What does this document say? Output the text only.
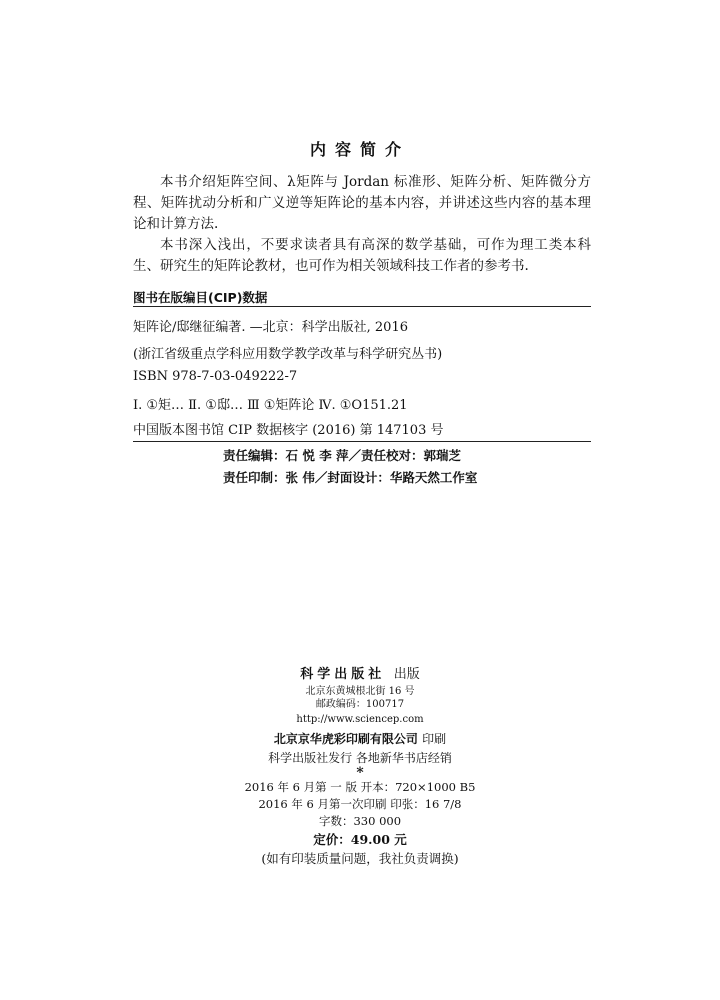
内容简介

本书介绍矩阵空间、λ矩阵与 Jordan 标准形、矩阵分析、矩阵微分方程、矩阵扰动分析和广义逆等矩阵论的基本内容，并讲述这些内容的基本理论和计算方法.

本书深入浅出，不要求读者具有高深的数学基础，可作为理工类本科生、研究生的矩阵论教材，也可作为相关领域科技工作者的参考书.

图书在版编目(CIP)数据
矩阵论/邸继征编著. —北京：科学出版社, 2016
(浙江省级重点学科应用数学教学改革与科学研究丛书)
ISBN 978-7-03-049222-7
Ⅰ. ①矩… Ⅱ. ①邸… Ⅲ ①矩阵论 Ⅳ. ①O151.21
中国版本图书馆 CIP 数据核字 (2016) 第 147103 号
责任编辑：石 悦 李 萍／责任校对：郭瑞芝
责任印制：张 伟／封面设计：华路天然工作室
科学出版社 出版
北京东黄城根北街 16 号
邮政编码：100717
http://www.sciencep.com
北京京华虎彩印刷有限公司 印刷
科学出版社发行 各地新华书店经销
*
2016 年 6 月第 一 版 开本：720×1000 B5
2016 年 6 月第一次印刷 印张：16 7/8
字数：330 000
定价：49.00 元
(如有印装质量问题，我社负责调换)
